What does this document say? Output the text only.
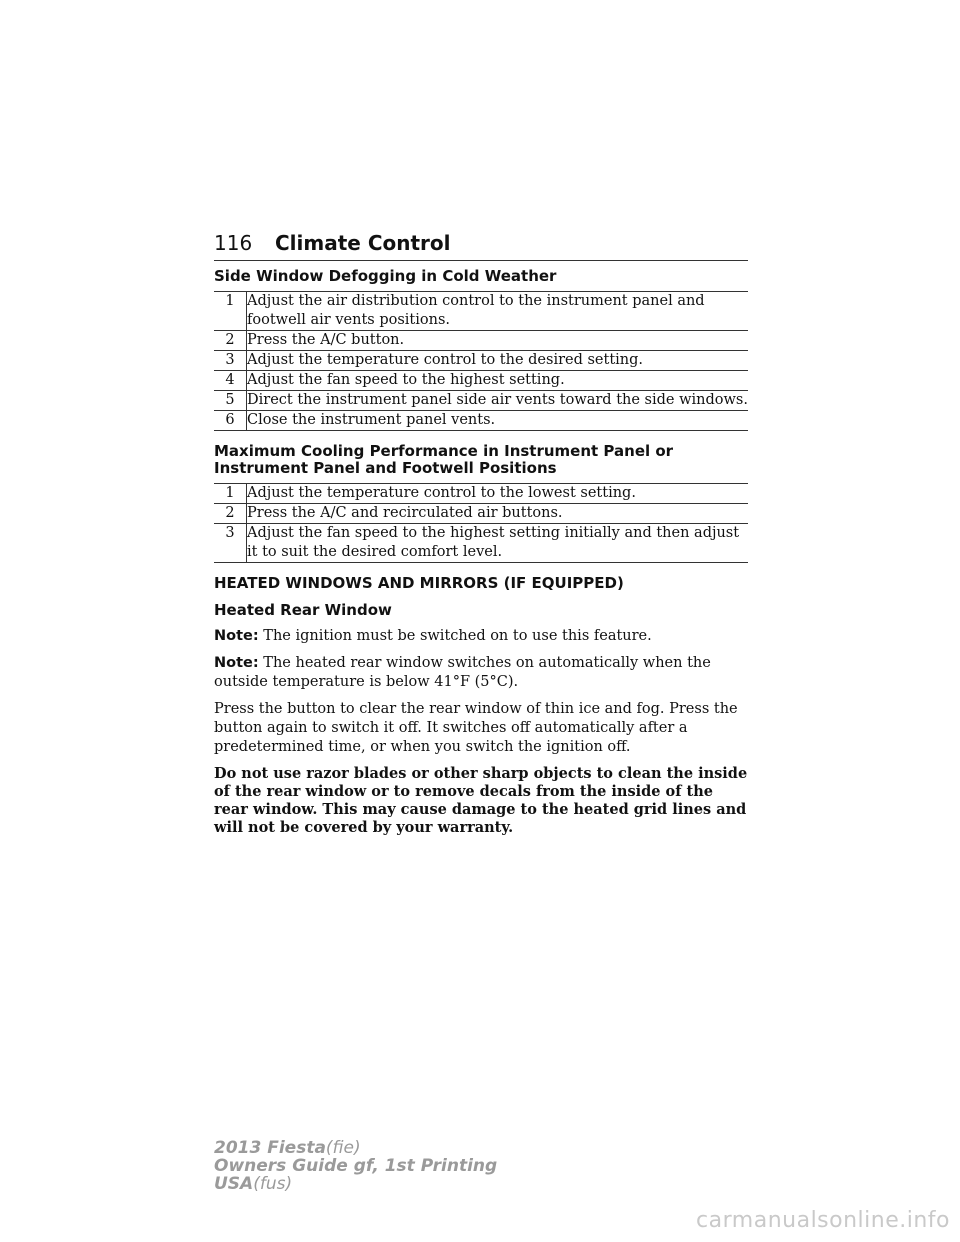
116 Climate Control
Side Window Defogging in Cold Weather
1	Adjust the air distribution control to the instrument panel and footwell air vents positions.
2	Press the A/C button.
3	Adjust the temperature control to the desired setting.
4	Adjust the fan speed to the highest setting.
5	Direct the instrument panel side air vents toward the side windows.
6	Close the instrument panel vents.
Maximum Cooling Performance in Instrument Panel or Instrument Panel and Footwell Positions
1	Adjust the temperature control to the lowest setting.
2	Press the A/C and recirculated air buttons.
3	Adjust the fan speed to the highest setting initially and then adjust it to suit the desired comfort level.
HEATED WINDOWS AND MIRRORS (IF EQUIPPED)
Heated Rear Window

Note: The ignition must be switched on to use this feature.

Note: The heated rear window switches on automatically when the outside temperature is below 41°F (5°C).

Press the button to clear the rear window of thin ice and fog. Press the button again to switch it off. It switches off automatically after a predetermined time, or when you switch the ignition off.

Do not use razor blades or other sharp objects to clean the inside of the rear window or to remove decals from the inside of the rear window. This may cause damage to the heated grid lines and will not be covered by your warranty.

2013 Fiesta(fie)
Owners Guide gf, 1st Printing
USA(fus)
carmanualsonline.info
